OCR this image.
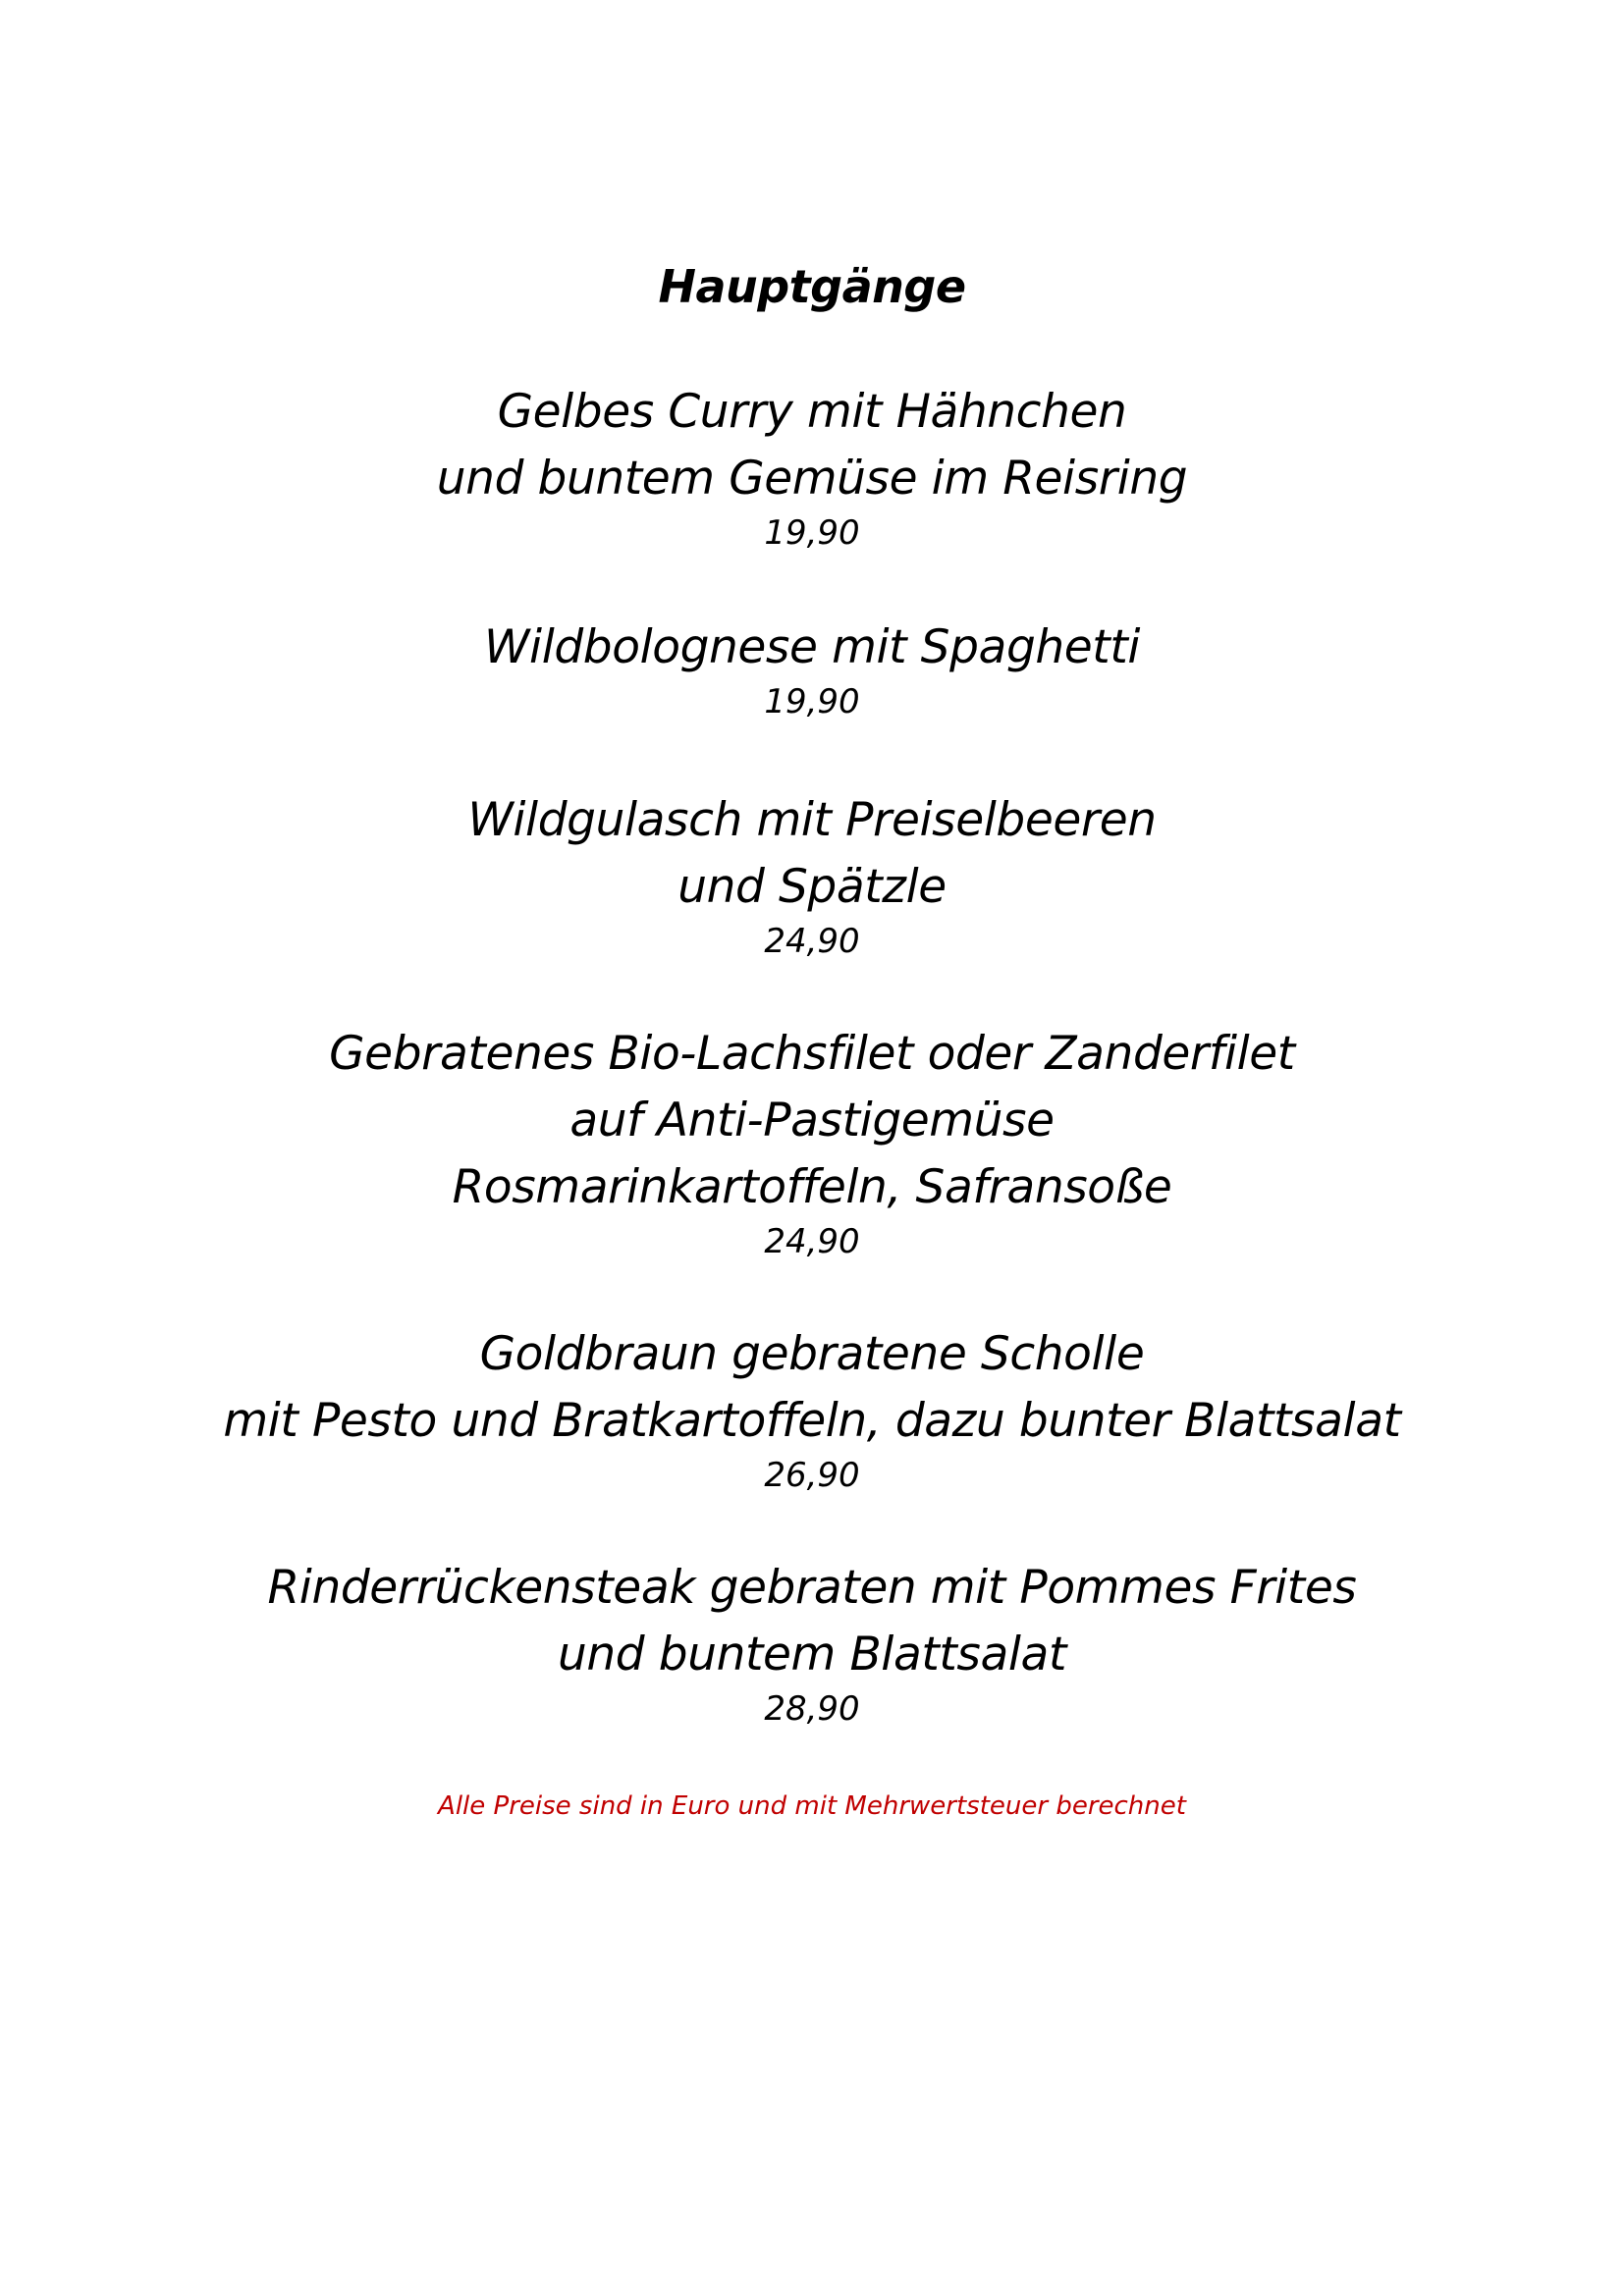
Hauptgänge
Gelbes Curry mit Hähnchen
und buntem Gemüse im Reisring
19,90
Wildbolognese mit Spaghetti
19,90
Wildgulasch mit Preiselbeeren
und Spätzle
24,90
Gebratenes Bio-Lachsfilet oder Zanderfilet
auf Anti-Pastigemüse
Rosmarinkartoffeln, Safransoße
24,90
Goldbraun gebratene Scholle
mit Pesto und Bratkartoffeln, dazu bunter Blattsalat
26,90
Rinderrückensteak gebraten mit Pommes Frites
und buntem Blattsalat
28,90
Alle Preise sind in Euro und mit Mehrwertsteuer berechnet
